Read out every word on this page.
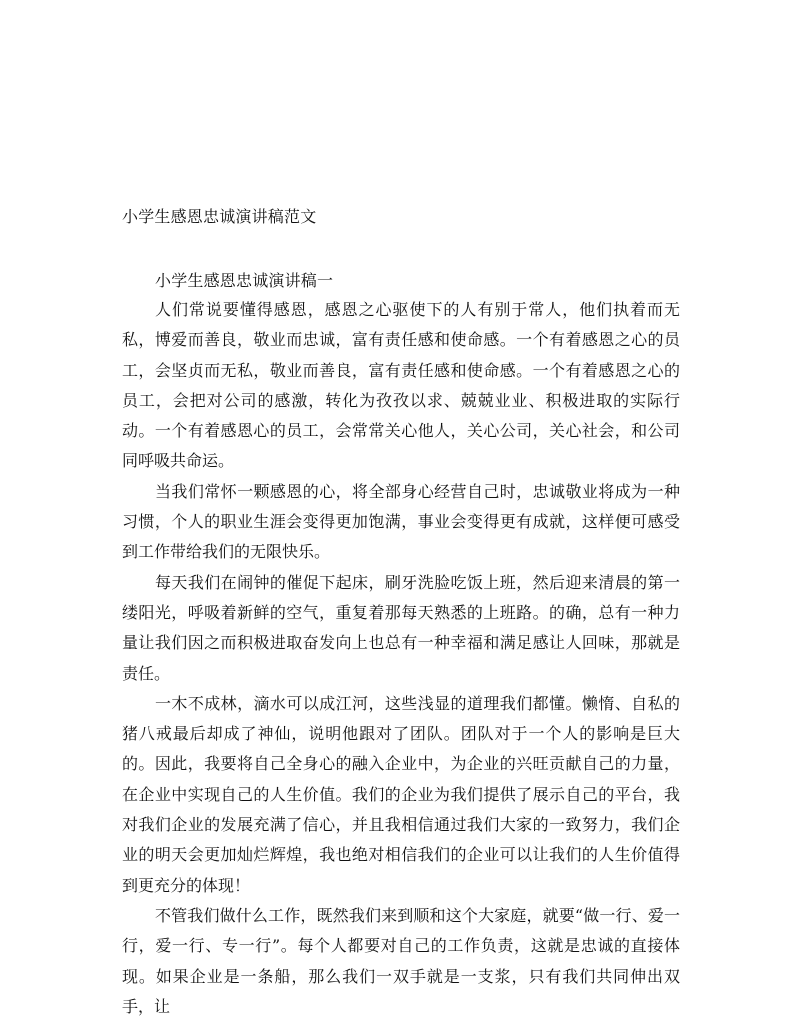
小学生感恩忠诚演讲稿范文
小学生感恩忠诚演讲稿一

人们常说要懂得感恩，感恩之心驱使下的人有别于常人，他们执着而无私，博爱而善良，敬业而忠诚，富有责任感和使命感。一个有着感恩之心的员工，会坚贞而无私，敬业而善良，富有责任感和使命感。一个有着感恩之心的员工，会把对公司的感激，转化为孜孜以求、兢兢业业、积极进取的实际行动。一个有着感恩心的员工，会常常关心他人，关心公司，关心社会，和公司同呼吸共命运。

当我们常怀一颗感恩的心，将全部身心经营自己时，忠诚敬业将成为一种习惯，个人的职业生涯会变得更加饱满，事业会变得更有成就，这样便可感受到工作带给我们的无限快乐。

每天我们在闹钟的催促下起床，刷牙洗脸吃饭上班，然后迎来清晨的第一缕阳光，呼吸着新鲜的空气，重复着那每天熟悉的上班路。的确，总有一种力量让我们因之而积极进取奋发向上也总有一种幸福和满足感让人回味，那就是责任。

一木不成林，滴水可以成江河，这些浅显的道理我们都懂。懒惰、自私的猪八戒最后却成了神仙，说明他跟对了团队。团队对于一个人的影响是巨大的。因此，我要将自己全身心的融入企业中，为企业的兴旺贡献自己的力量，在企业中实现自己的人生价值。我们的企业为我们提供了展示自己的平台，我对我们企业的发展充满了信心，并且我相信通过我们大家的一致努力，我们企业的明天会更加灿烂辉煌，我也绝对相信我们的企业可以让我们的人生价值得到更充分的体现！

不管我们做什么工作，既然我们来到顺和这个大家庭，就要“做一行、爱一行，爱一行、专一行”。每个人都要对自己的工作负责，这就是忠诚的直接体现。如果企业是一条船，那么我们一双手就是一支浆，只有我们共同伸出双手，让
